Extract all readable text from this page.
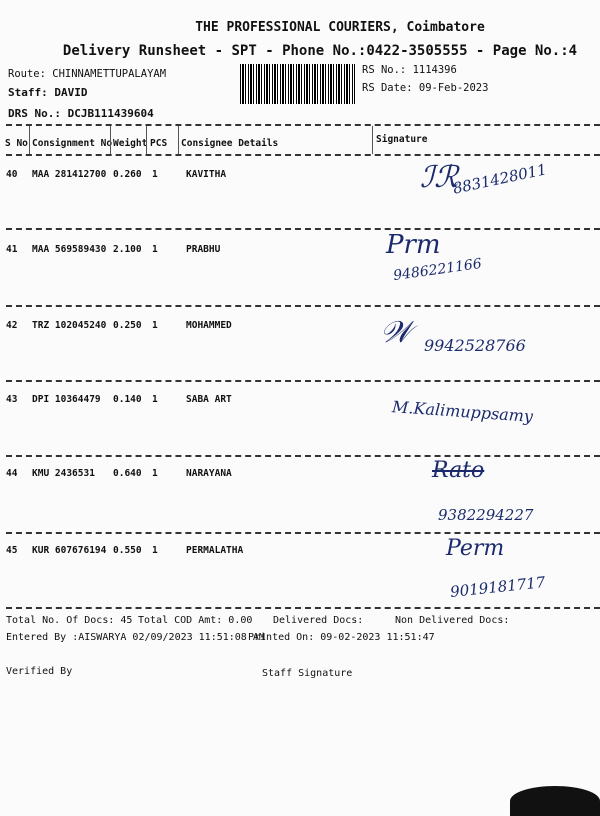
THE PROFESSIONAL COURIERS, Coimbatore
Delivery Runsheet - SPT - Phone No.:0422-3505555 - Page No.:4
Route: CHINNAMETTUPALAYAM
Staff: DAVID
DRS No.: DCJB111439604
RS No.: 1114396
RS Date: 09-Feb-2023
S No Consignment No Weight PCS Consignee Details	Signature
40 MAA 281412700 0.260 1	KAVITHA	ℐℛ
8831428011
41 MAA 569589430 2.100 1	PRABHU	Prm
9486221166
42 TRZ 102045240 0.250 1	MOHAMMED	𝒲 9942528766
43 DPI 10364479 0.140 1	SABA ART	M.Kalimuppsamy
44 KMU 2436531 0.640 1	NARAYANA	Rato
9382294227
45 KUR 607676194 0.550 1	PERMALATHA	Perm
9019181717
Total No. Of Docs: 45 Total COD Amt: 0.00 Delivered Docs:	Non Delivered Docs:
Entered By :AISWARYA 02/09/2023 11:51:08 AM
Printed On: 09-02-2023 11:51:47
Verified By	Staff Signature
